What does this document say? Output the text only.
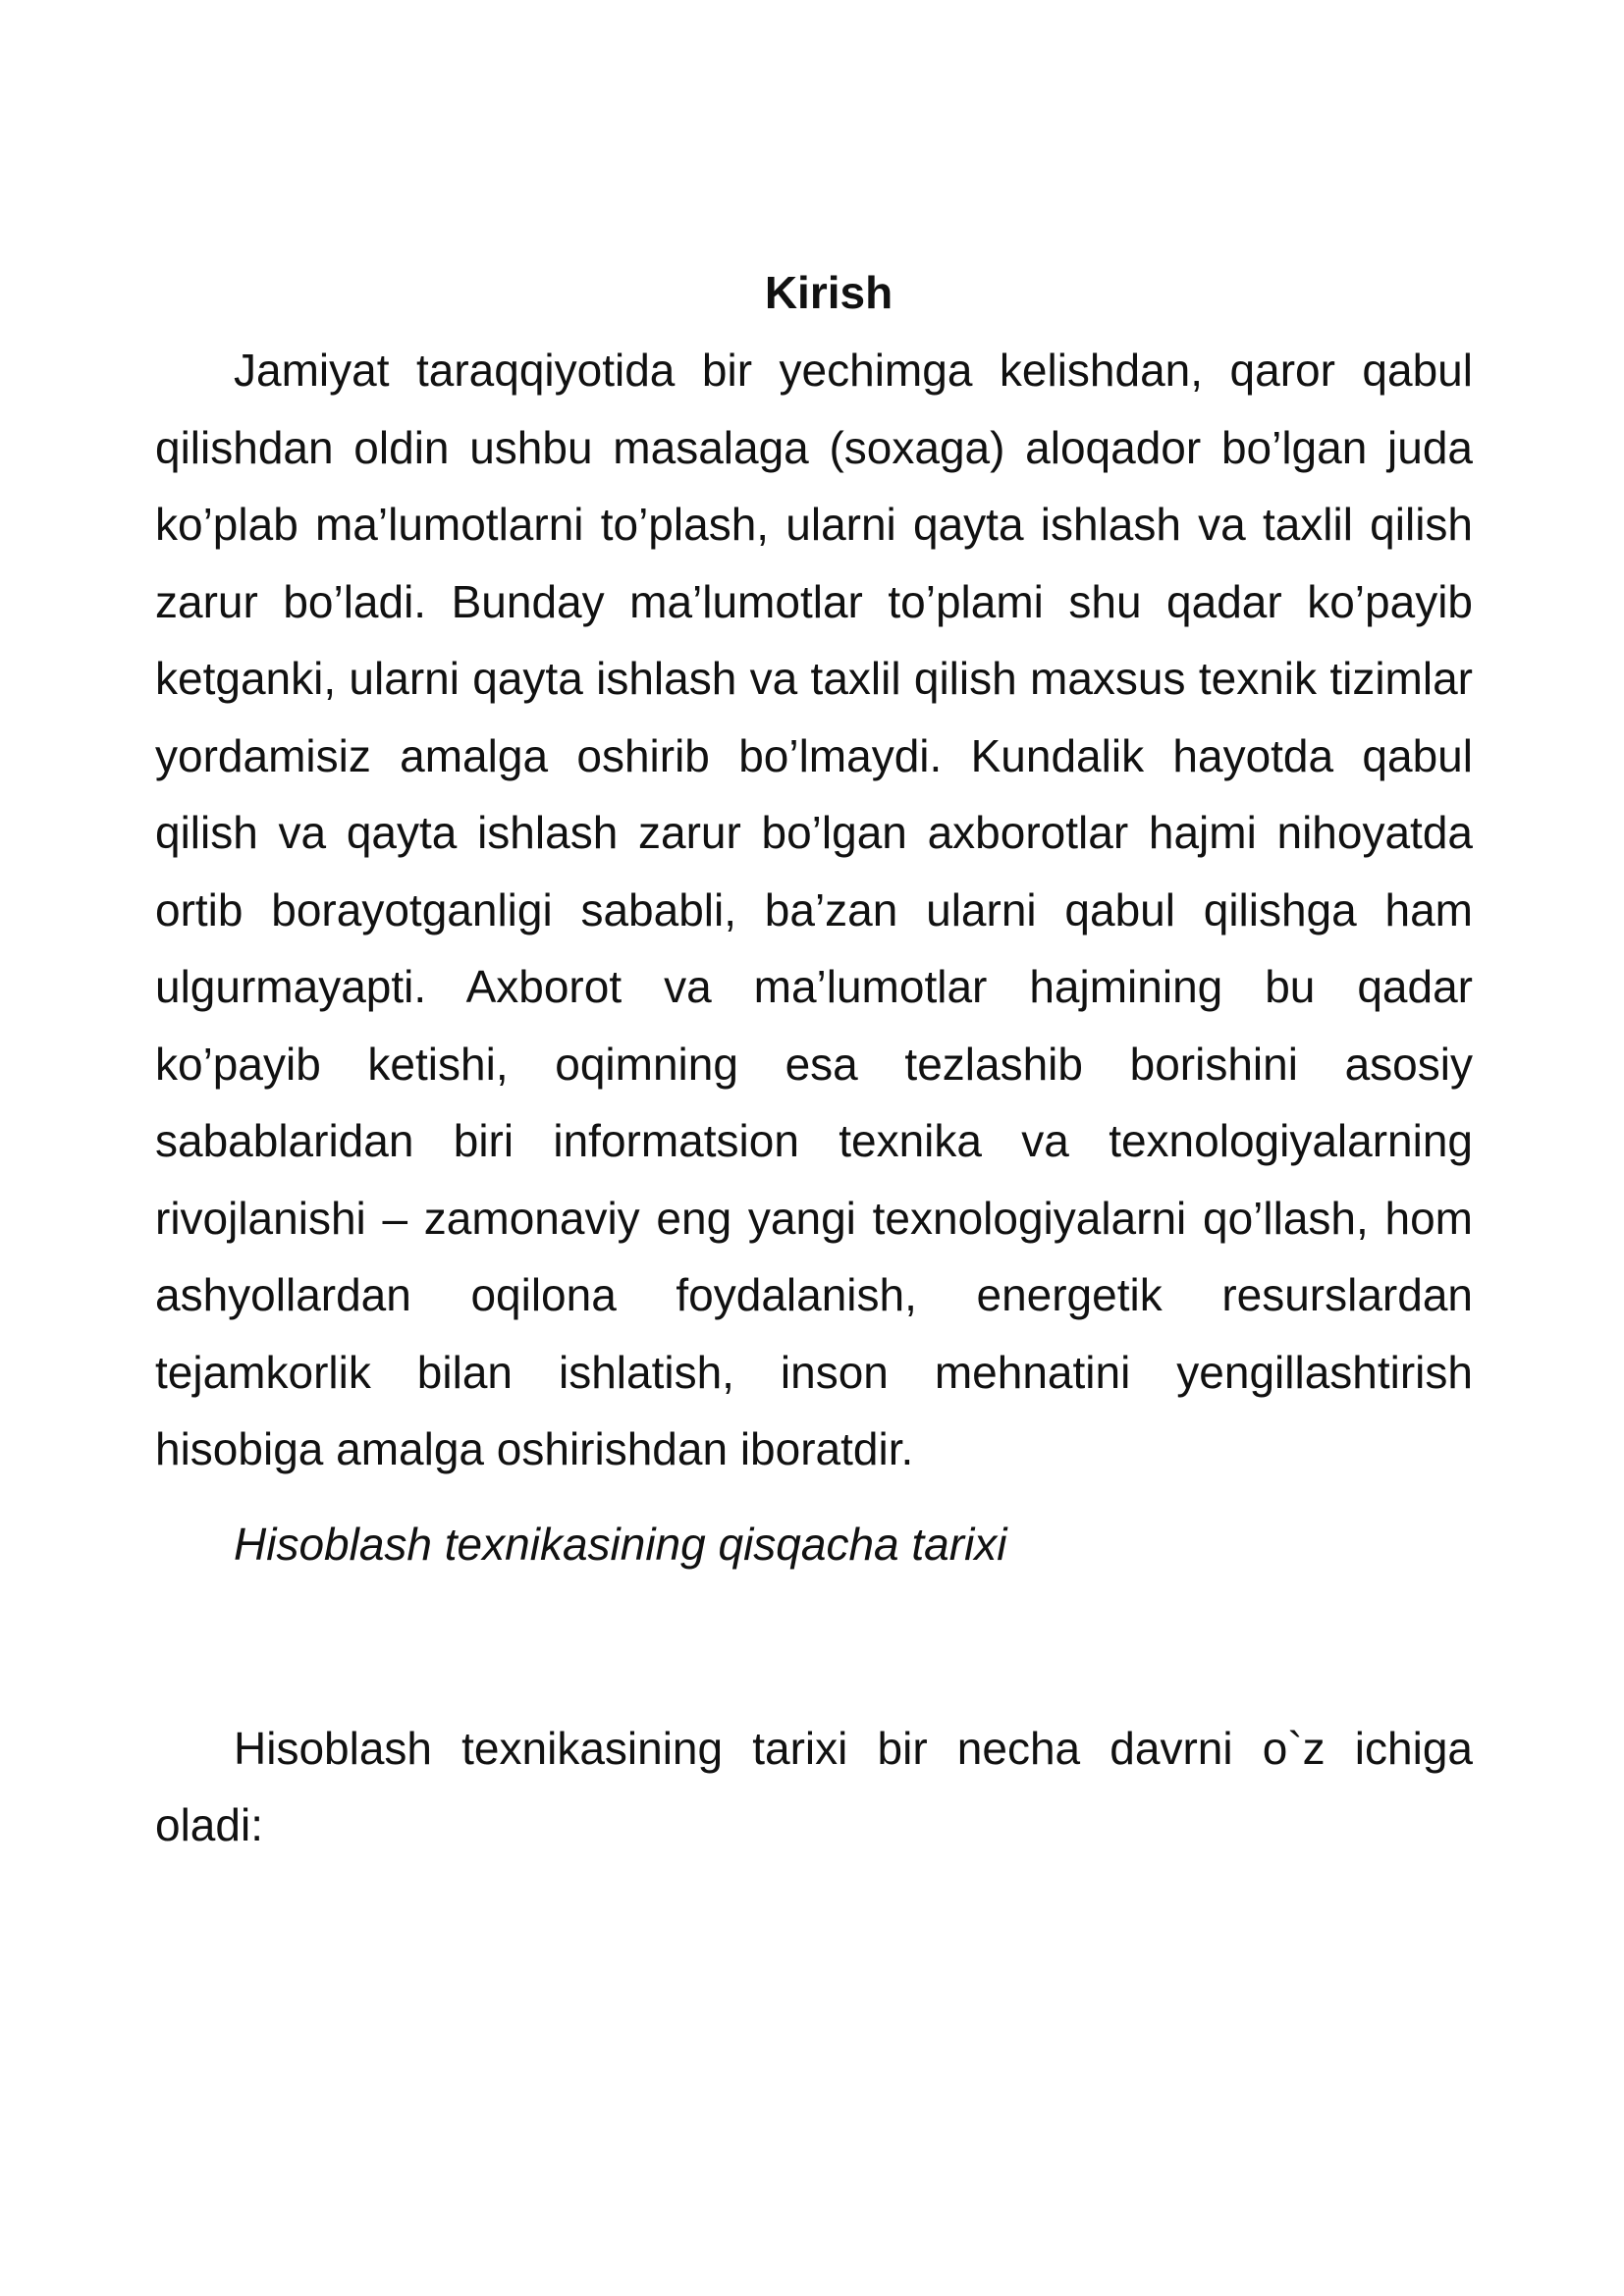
Kirish

Jamiyat taraqqiyotida bir yechimga kelishdan, qaror qabul qilishdan oldin ushbu masalaga (soxaga) aloqador bo’lgan juda ko’plab ma’lumotlarni to’plash, ularni qayta ishlash va taxlil qilish zarur bo’ladi. Bunday ma’lumotlar to’plami shu qadar ko’payib ketganki, ularni qayta ishlash va taxlil qilish maxsus texnik tizimlar yordamisiz amalga oshirib bo’lmaydi. Kundalik hayotda qabul qilish va qayta ishlash zarur bo’lgan axborotlar hajmi nihoyatda ortib borayotganligi sababli, ba’zan ularni qabul qilishga ham ulgurmayapti. Axborot va ma’lumotlar hajmining bu qadar ko’payib ketishi, oqimning esa tezlashib borishini asosiy sabablaridan biri informatsion texnika va texnologiyalarning rivojlanishi – zamonaviy eng yangi texnologiyalarni qo’llash, hom ashyollardan oqilona foydalanish, energetik resurslardan tejamkorlik bilan ishlatish, inson mehnatini yengillashtirish hisobiga amalga oshirishdan iboratdir.

Hisoblash texnikasining qisqacha tarixi

Hisoblash texnikasining tarixi bir necha davrni o`z ichiga oladi:
